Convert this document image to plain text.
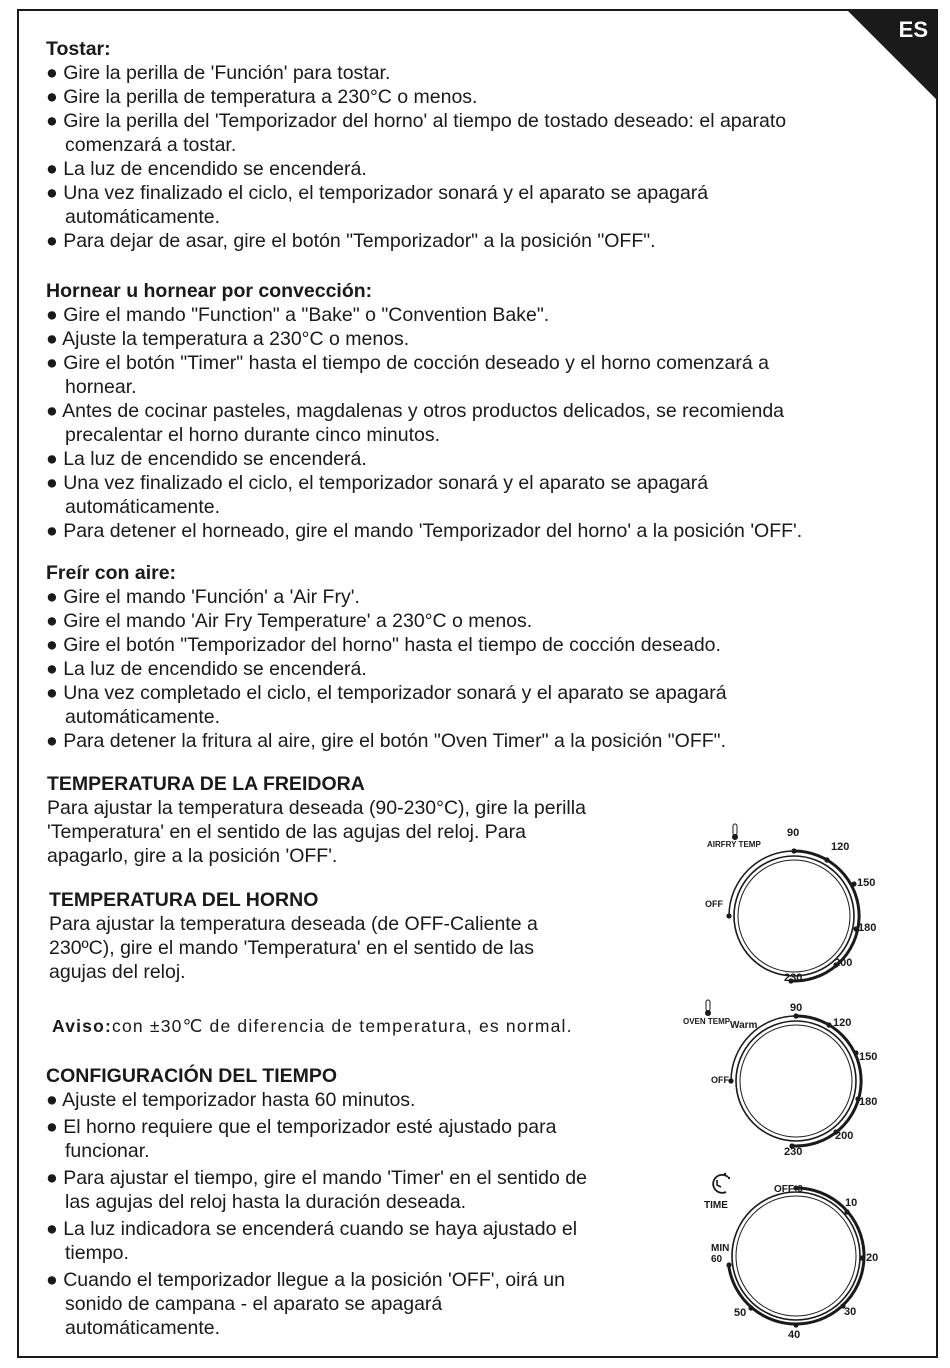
ES

Tostar:

● Gire la perilla de 'Función' para tostar.

● Gire la perilla de temperatura a 230°C o menos.

● Gire la perilla del 'Temporizador del horno' al tiempo de tostado deseado: el aparato

comenzará a tostar.

● La luz de encendido se encenderá.

● Una vez finalizado el ciclo, el temporizador sonará y el aparato se apagará

automáticamente.

● Para dejar de asar, gire el botón "Temporizador" a la posición "OFF".

Hornear u hornear por convección:

● Gire el mando "Function" a "Bake" o "Convention Bake".

● Ajuste la temperatura a 230°C o menos.

● Gire el botón "Timer" hasta el tiempo de cocción deseado y el horno comenzará a

hornear.

● Antes de cocinar pasteles, magdalenas y otros productos delicados, se recomienda

precalentar el horno durante cinco minutos.

● La luz de encendido se encenderá.

● Una vez finalizado el ciclo, el temporizador sonará y el aparato se apagará

automáticamente.

● Para detener el horneado, gire el mando 'Temporizador del horno' a la posición 'OFF'.

Freír con aire:

● Gire el mando 'Función' a 'Air Fry'.

● Gire el mando 'Air Fry Temperature' a 230°C o menos.

● Gire el botón "Temporizador del horno" hasta el tiempo de cocción deseado.

● La luz de encendido se encenderá.

● Una vez completado el ciclo, el temporizador sonará y el aparato se apagará

automáticamente.

● Para detener la fritura al aire, gire el botón "Oven Timer" a la posición "OFF".

TEMPERATURA DE LA FREIDORA

Para ajustar la temperatura deseada (90-230°C), gire la perilla

'Temperatura' en el sentido de las agujas del reloj. Para

apagarlo, gire a la posición 'OFF'.

TEMPERATURA DEL HORNO

Para ajustar la temperatura deseada (de OFF-Caliente a

230ºC), gire el mando 'Temperatura' en el sentido de las

agujas del reloj.

Aviso:con ±30℃ de diferencia de temperatura, es normal.

CONFIGURACIÓN DEL TIEMPO

● Ajuste el temporizador hasta 60 minutos.

● El horno requiere que el temporizador esté ajustado para

funcionar.

● Para ajustar el tiempo, gire el mando 'Timer' en el sentido de

las agujas del reloj hasta la duración deseada.

● La luz indicadora se encenderá cuando se haya ajustado el

tiempo.

● Cuando el temporizador llegue a la posición 'OFF', oirá un

sonido de campana - el aparato se apagará

automáticamente.

AIRFRY TEMP
OFF
90
120
150
180
200
230
OVEN TEMP Warm
OFF
90
120
150
180
200
230
TIME
OFF-0
10
20
30
40
50
MIN
60
